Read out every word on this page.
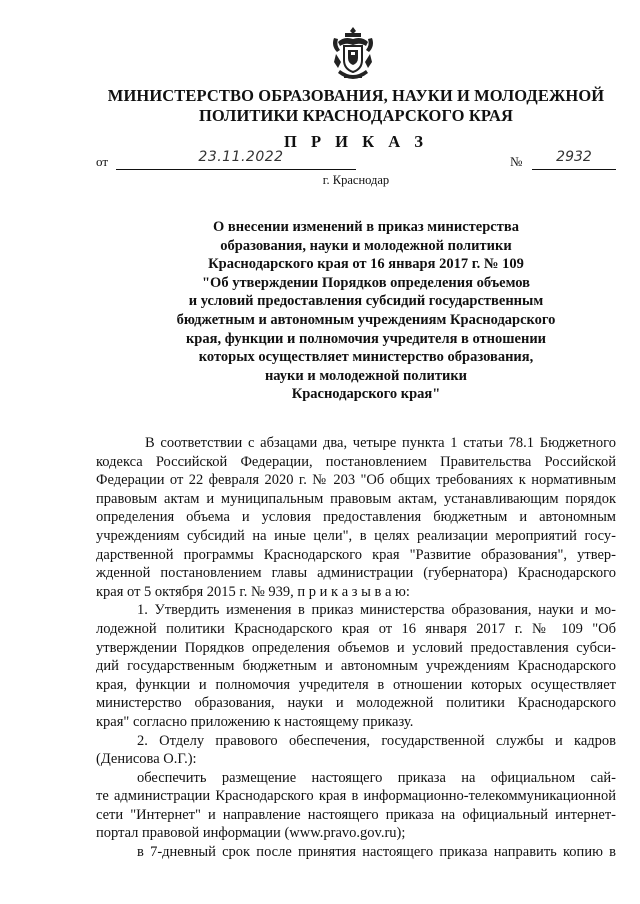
МИНИСТЕРСТВО ОБРАЗОВАНИЯ, НАУКИ И МОЛОДЕЖНОЙ
ПОЛИТИКИ КРАСНОДАРСКОГО КРАЯ
П Р И К А З
от	23.11.2022	№	2932
г. Краснодар
О внесении изменений в приказ министерства
образования, науки и молодежной политики
Краснодарского края от 16 января 2017 г. № 109
"Об утверждении Порядков определения объемов
и условий предоставления субсидий государственным
бюджетным и автономным учреждениям Краснодарского
края, функции и полномочия учредителя в отношении
которых осуществляет министерство образования,
науки и молодежной политики
Краснодарского края"
В соответствии с абзацами два, четыре пункта 1 статьи 78.1 Бюджетного
кодекса Российской Федерации, постановлением Правительства Российской
Федерации от 22 февраля 2020 г. № 203 "Об общих требованиях к нормативным
правовым актам и муниципальным правовым актам, устанавливающим порядок
определения объема и условия предоставления бюджетным и автономным
учреждениям субсидий на иные цели", в целях реализации мероприятий госу-
дарственной программы Краснодарского края "Развитие образования", утвер-
жденной постановлением главы администрации (губернатора) Краснодарского
края от 5 октября 2015 г. № 939, п р и к а з ы в а ю:
1. Утвердить изменения в приказ министерства образования, науки и мо-
лодежной политики Краснодарского края от 16 января 2017 г. № 109 "Об
утверждении Порядков определения объемов и условий предоставления субси-
дий государственным бюджетным и автономным учреждениям Краснодарского
края, функции и полномочия учредителя в отношении которых осуществляет
министерство образования, науки и молодежной политики Краснодарского
края" согласно приложению к настоящему приказу.
2. Отделу правового обеспечения, государственной службы и кадров
(Денисова О.Г.):
обеспечить размещение настоящего приказа на официальном сай-
те администрации Краснодарского края в информационно-телекоммуникационной
сети "Интернет" и направление настоящего приказа на официальный интернет-
портал правовой информации (www.pravo.gov.ru);
в 7-дневный срок после принятия настоящего приказа направить копию в
